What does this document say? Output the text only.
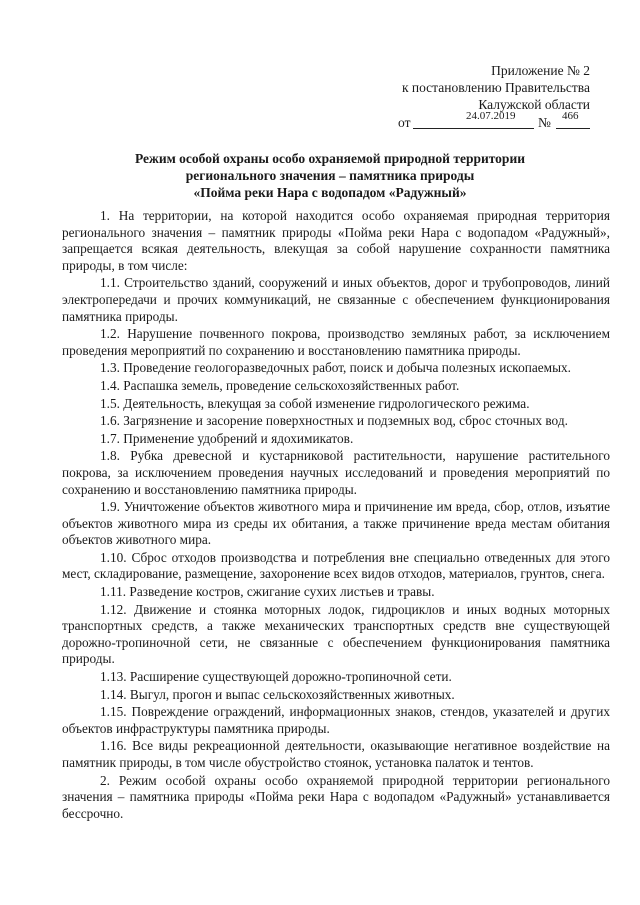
Приложение № 2
к постановлению Правительства
Калужской области
от	24.07.2019 № 466
Режим особой охраны особо охраняемой природной территории
регионального значения – памятника природы
«Пойма реки Нара с водопадом «Радужный»

1. На территории, на которой находится особо охраняемая природная территория регионального значения – памятник природы «Пойма реки Нара с водопадом «Радужный», запрещается всякая деятельность, влекущая за собой нарушение сохранности памятника природы, в том числе:

1.1. Строительство зданий, сооружений и иных объектов, дорог и трубопроводов, линий электропередачи и прочих коммуникаций, не связанные с обеспечением функционирования памятника природы.

1.2. Нарушение почвенного покрова, производство земляных работ, за исключением проведения мероприятий по сохранению и восстановлению памятника природы.

1.3. Проведение геологоразведочных работ, поиск и добыча полезных ископаемых.

1.4. Распашка земель, проведение сельскохозяйственных работ.

1.5. Деятельность, влекущая за собой изменение гидрологического режима.

1.6. Загрязнение и засорение поверхностных и подземных вод, сброс сточных вод.

1.7. Применение удобрений и ядохимикатов.

1.8. Рубка древесной и кустарниковой растительности, нарушение растительного покрова, за исключением проведения научных исследований и проведения мероприятий по сохранению и восстановлению памятника природы.

1.9. Уничтожение объектов животного мира и причинение им вреда, сбор, отлов, изъятие объектов животного мира из среды их обитания, а также причинение вреда местам обитания объектов животного мира.

1.10. Сброс отходов производства и потребления вне специально отведенных для этого мест, складирование, размещение, захоронение всех видов отходов, материалов, грунтов, снега.

1.11. Разведение костров, сжигание сухих листьев и травы.

1.12. Движение и стоянка моторных лодок, гидроциклов и иных водных моторных транспортных средств, а также механических транспортных средств вне существующей дорожно-тропиночной сети, не связанные с обеспечением функционирования памятника природы.

1.13. Расширение существующей дорожно-тропиночной сети.

1.14. Выгул, прогон и выпас сельскохозяйственных животных.

1.15. Повреждение ограждений, информационных знаков, стендов, указателей и других объектов инфраструктуры памятника природы.

1.16. Все виды рекреационной деятельности, оказывающие негативное воздействие на памятник природы, в том числе обустройство стоянок, установка палаток и тентов.

2. Режим особой охраны особо охраняемой природной территории регионального значения – памятника природы «Пойма реки Нара с водопадом «Радужный» устанавливается бессрочно.
